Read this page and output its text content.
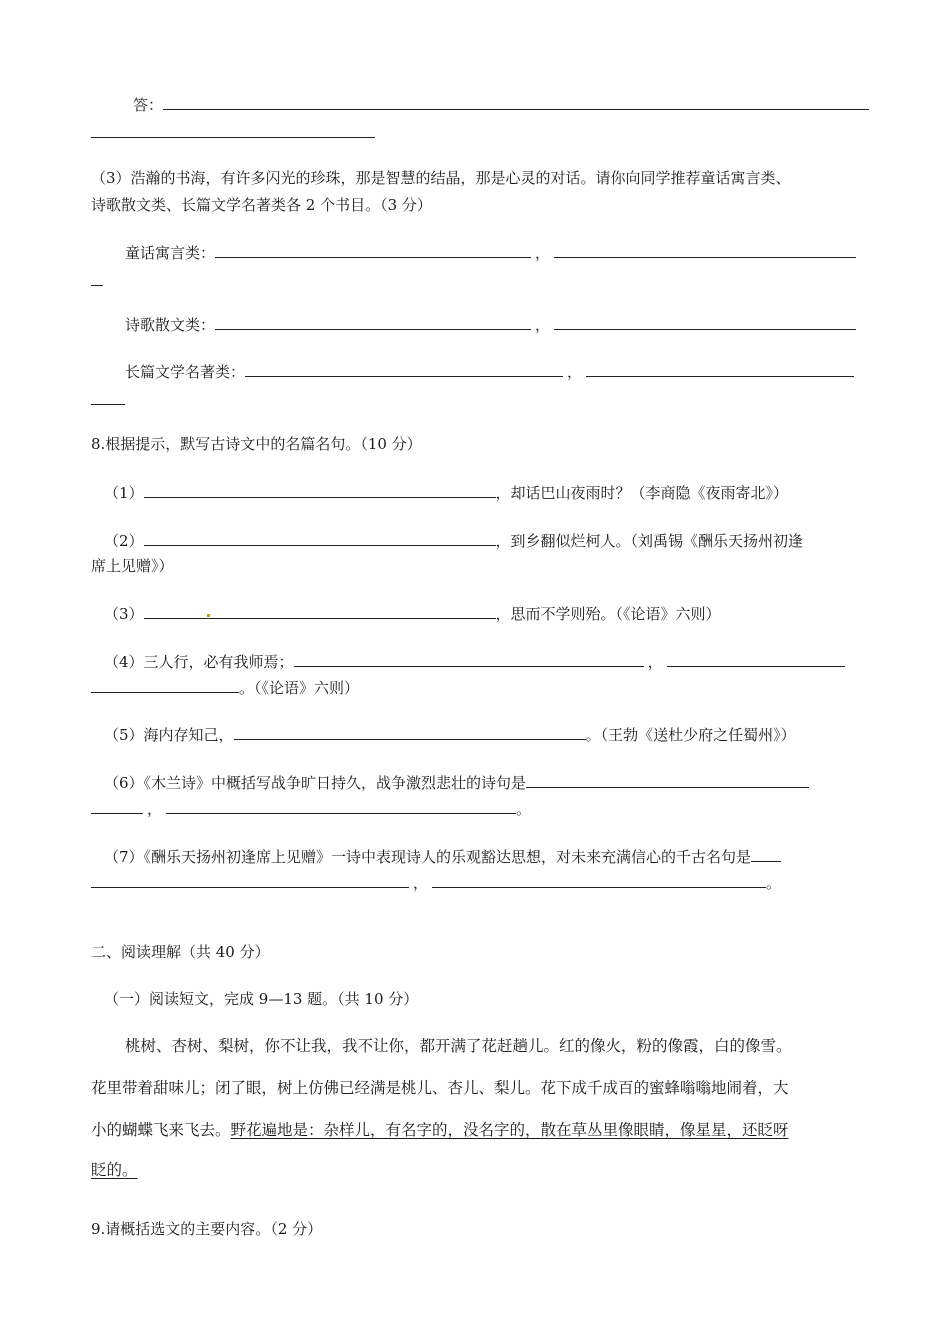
答：
（3）浩瀚的书海，有许多闪光的珍珠，那是智慧的结晶，那是心灵的对话。请你向同学推荐童话寓言类、
诗歌散文类、长篇文学名著类各 2 个书目。（3 分）
童话寓言类：	，
诗歌散文类：	，
长篇文学名著类：	，
8.根据提示，默写古诗文中的名篇名句。（10 分）
（1）	，却话巴山夜雨时？（李商隐《夜雨寄北》）
（2）	，到乡翻似烂柯人。（刘禹锡《酬乐天扬州初逢
席上见赠》）
（3）	，思而不学则殆。（《论语》六则）
（4）三人行，必有我师焉；	，
。（《论语》六则）
（5）海内存知己，	。（王勃《送杜少府之任蜀州》）
（6）《木兰诗》中概括写战争旷日持久，战争激烈悲壮的诗句是
，	。
（7）《酬乐天扬州初逢席上见赠》一诗中表现诗人的乐观豁达思想，对未来充满信心的千古名句是
，	。
二、阅读理解（共 40 分）
（一）阅读短文，完成 9—13 题。（共 10 分）
桃树、杏树、梨树，你不让我，我不让你，都开满了花赶趟儿。红的像火，粉的像霞，白的像雪。
花里带着甜味儿；闭了眼，树上仿佛已经满是桃儿、杏儿、梨儿。花下成千成百的蜜蜂嗡嗡地闹着，大
小的蝴蝶飞来飞去。野花遍地是：杂样儿，有名字的，没名字的，散在草丛里像眼睛，像星星，还眨呀
眨的。
9.请概括选文的主要内容。（2 分）
